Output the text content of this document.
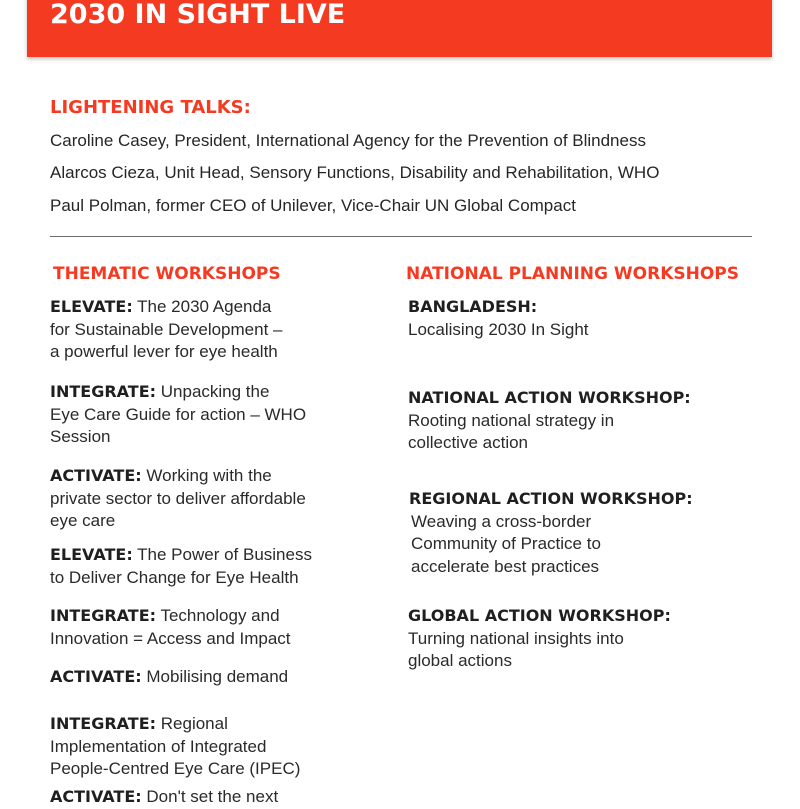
2030 IN SIGHT LIVE
LIGHTENING TALKS:
Caroline Casey, President, International Agency for the Prevention of Blindness
Alarcos Cieza, Unit Head, Sensory Functions, Disability and Rehabilitation, WHO
Paul Polman, former CEO of Unilever, Vice-Chair UN Global Compact
THEMATIC WORKSHOPS	NATIONAL PLANNING WORKSHOPS
ELEVATE: The 2030 Agenda
for Sustainable Development –
a powerful lever for eye health
INTEGRATE: Unpacking the
Eye Care Guide for action – WHO
Session
ACTIVATE: Working with the
private sector to deliver affordable
eye care
ELEVATE: The Power of Business
to Deliver Change for Eye Health
INTEGRATE: Technology and
Innovation = Access and Impact
ACTIVATE: Mobilising demand
INTEGRATE: Regional
Implementation of Integrated
People-Centred Eye Care (IPEC)
ACTIVATE: Don't set the next
BANGLADESH:
Localising 2030 In Sight
NATIONAL ACTION WORKSHOP:
Rooting national strategy in
collective action
REGIONAL ACTION WORKSHOP:
Weaving a cross-border
Community of Practice to
accelerate best practices
GLOBAL ACTION WORKSHOP:
Turning national insights into
global actions
